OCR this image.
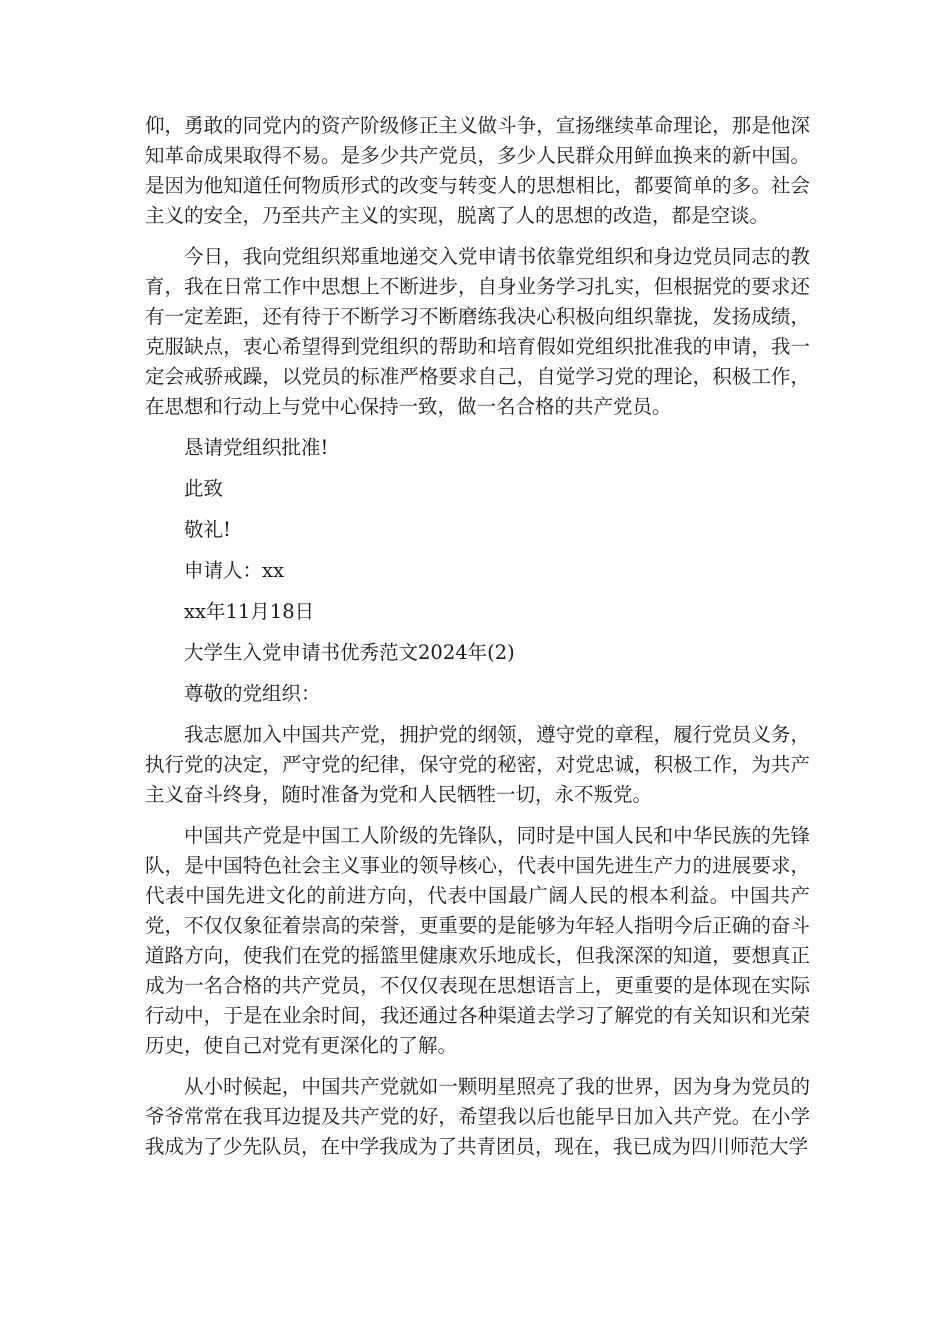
仰，勇敢的同党内的资产阶级修正主义做斗争，宣扬继续革命理论，那是他深知革命成果取得不易。是多少共产党员，多少人民群众用鲜血换来的新中国。是因为他知道任何物质形式的改变与转变人的思想相比，都要简单的多。社会主义的安全，乃至共产主义的实现，脱离了人的思想的改造，都是空谈。

今日，我向党组织郑重地递交入党申请书依靠党组织和身边党员同志的教育，我在日常工作中思想上不断进步，自身业务学习扎实，但根据党的要求还有一定差距，还有待于不断学习不断磨练我决心积极向组织靠拢，发扬成绩，克服缺点，衷心希望得到党组织的帮助和培育假如党组织批准我的申请，我一定会戒骄戒躁，以党员的标准严格要求自己，自觉学习党的理论，积极工作，在思想和行动上与党中心保持一致，做一名合格的共产党员。

恳请党组织批准!

此致

敬礼!

申请人：xx

xx年11月18日

大学生入党申请书优秀范文2024年(2)

尊敬的党组织：

我志愿加入中国共产党，拥护党的纲领，遵守党的章程，履行党员义务，执行党的决定，严守党的纪律，保守党的秘密，对党忠诚，积极工作，为共产主义奋斗终身，随时准备为党和人民牺牲一切，永不叛党。

中国共产党是中国工人阶级的先锋队，同时是中国人民和中华民族的先锋队，是中国特色社会主义事业的领导核心，代表中国先进生产力的进展要求，代表中国先进文化的前进方向，代表中国最广阔人民的根本利益。中国共产党，不仅仅象征着崇高的荣誉，更重要的是能够为年轻人指明今后正确的奋斗道路方向，使我们在党的摇篮里健康欢乐地成长，但我深深的知道，要想真正成为一名合格的共产党员，不仅仅表现在思想语言上，更重要的是体现在实际行动中，于是在业余时间，我还通过各种渠道去学习了解党的有关知识和光荣历史，使自己对党有更深化的了解。

从小时候起，中国共产党就如一颗明星照亮了我的世界，因为身为党员的爷爷常常在我耳边提及共产党的好，希望我以后也能早日加入共产党。在小学我成为了少先队员，在中学我成为了共青团员，现在，我已成为四川师范大学
